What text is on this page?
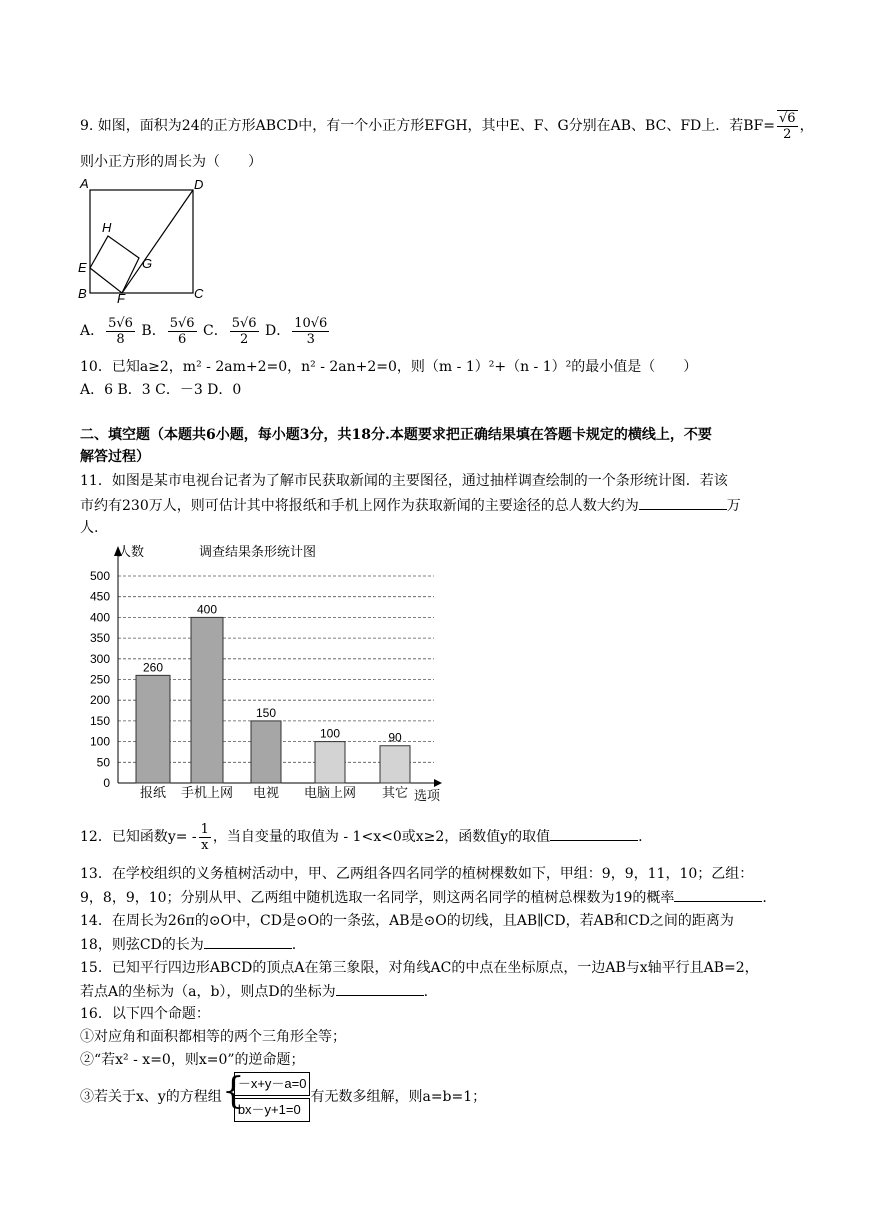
9. 如图，面积为24的正方形ABCD中，有一个小正方形EFGH，其中E、F、G分别在AB、BC、FD上．若$BF= \frac{√6}{2}$ ，
则小正方形的周长为（　　）
A	D
H
E	G
B F	C
A． $\frac{5√6}{8}$ B． $\frac{5√6}{6}$ C． $\frac{5√6}{2}$ D． $\frac{10√6}{3}$
10．已知a≥2，m² - 2am+2=0，n² - 2an+2=0，则（m - 1）²+（n - 1）²的最小值是（　　）
A．6 B．3 C．－3 D．0
二、填空题（本题共6小题，每小题3分，共18分.本题要求把正确结果填在答题卡规定的横线上，不要
解答过程）
11．如图是某市电视台记者为了解市民获取新闻的主要图径，通过抽样调查绘制的一个条形统计图．若该
市约有230万人，则可估计其中将报纸和手机上网作为获取新闻的主要途径的总人数大约为	万
人.
0
50
100
150
200
250
300
350
400
450
500
260
报纸
400
手机上网
150
电视
100
电脑上网
90
其它
人数	调查结果条形统计图
选项
12．已知函数$y= - \frac{1}{x}$ ，当自变量的取值为 - 1<x<0或x≥2，函数值y的取值	.
13．在学校组织的义务植树活动中，甲、乙两组各四名同学的植树棵数如下，甲组：9，9，11，10；乙组：
9，8，9，10；分别从甲、乙两组中随机选取一名同学，则这两名同学的植树总棵数为19的概率	.
14．在周长为26π的⊙O中，CD是⊙O的一条弦，AB是⊙O的切线，且AB∥CD，若AB和CD之间的距离为
18，则弦CD的长为	.
15．已知平行四边形ABCD的顶点A在第三象限，对角线AC的中点在坐标原点，一边AB与x轴平行且AB=2，
若点A的坐标为（a，b），则点D的坐标为	.
16．以下四个命题：
①对应角和面积都相等的两个三角形全等；
②“若x² - x=0，则x=0”的逆命题；
③若关于x、y的方程组 {
－x+y－a=0
bx－y+1=0
有无数多组解，则a=b=1；
